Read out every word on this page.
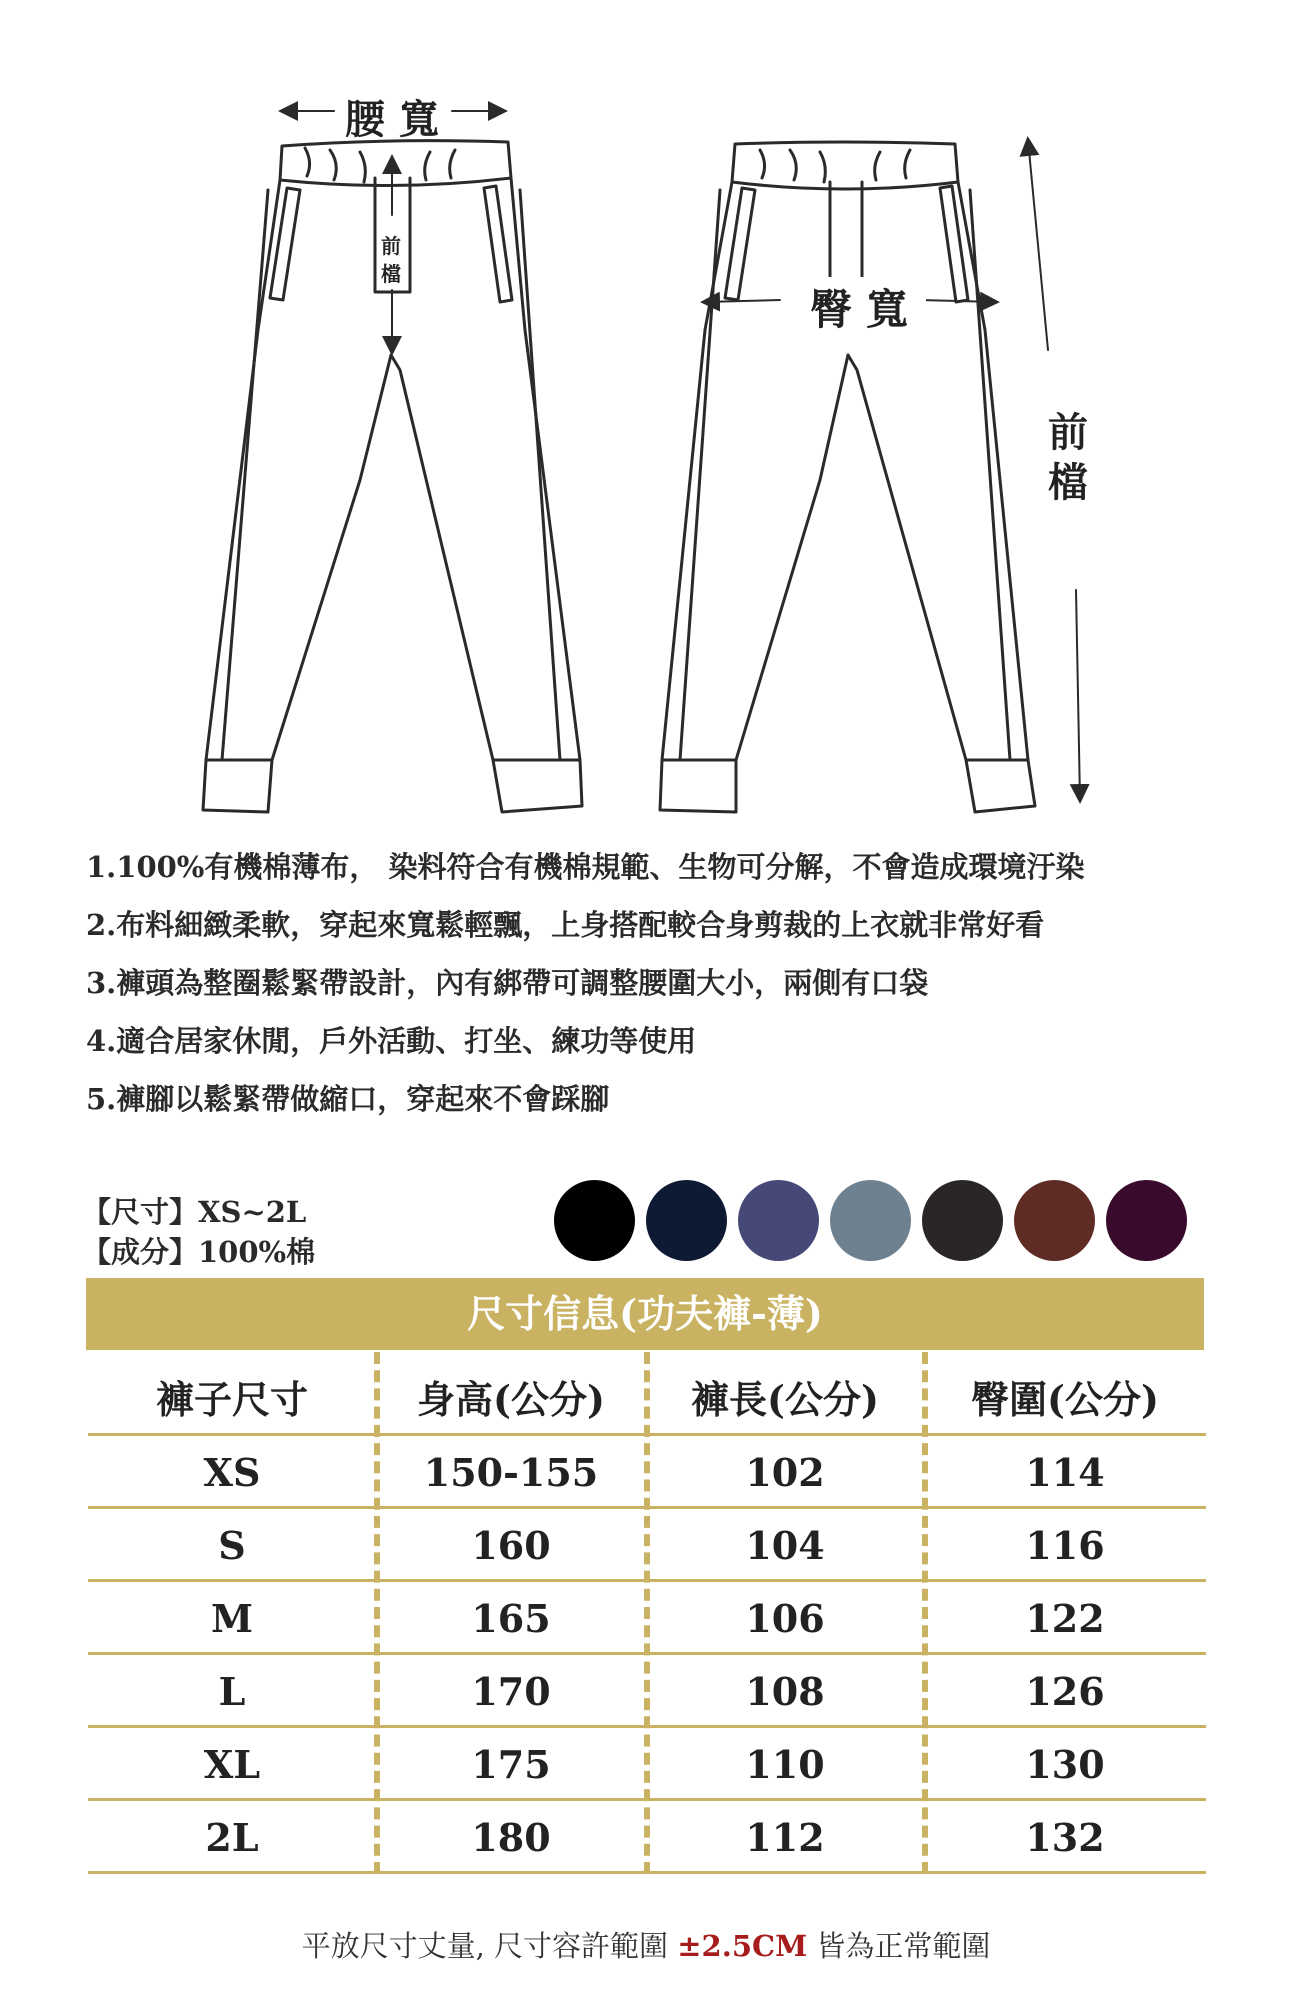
腰寬
前檔
臀寬
前檔
1.100%有機棉薄布， 染料符合有機棉規範、生物可分解，不會造成環境汙染
2.布料細緻柔軟，穿起來寬鬆輕飄，上身搭配較合身剪裁的上衣就非常好看
3.褲頭為整圈鬆緊帶設計，內有綁帶可調整腰圍大小，兩側有口袋
4.適合居家休閒，戶外活動、打坐、練功等使用
5.褲腳以鬆緊帶做縮口，穿起來不會踩腳
【尺寸】XS~2L
【成分】100%棉
尺寸信息(功夫褲-薄)
褲子尺寸	身高(公分)	褲長(公分)	臀圍(公分)
XS	150-155	102	114
S	160	104	116
M	165	106	122
L	170	108	126
XL	175	110	130
2L	180	112	132
平放尺寸丈量, 尺寸容許範圍 ±2.5CM 皆為正常範圍
